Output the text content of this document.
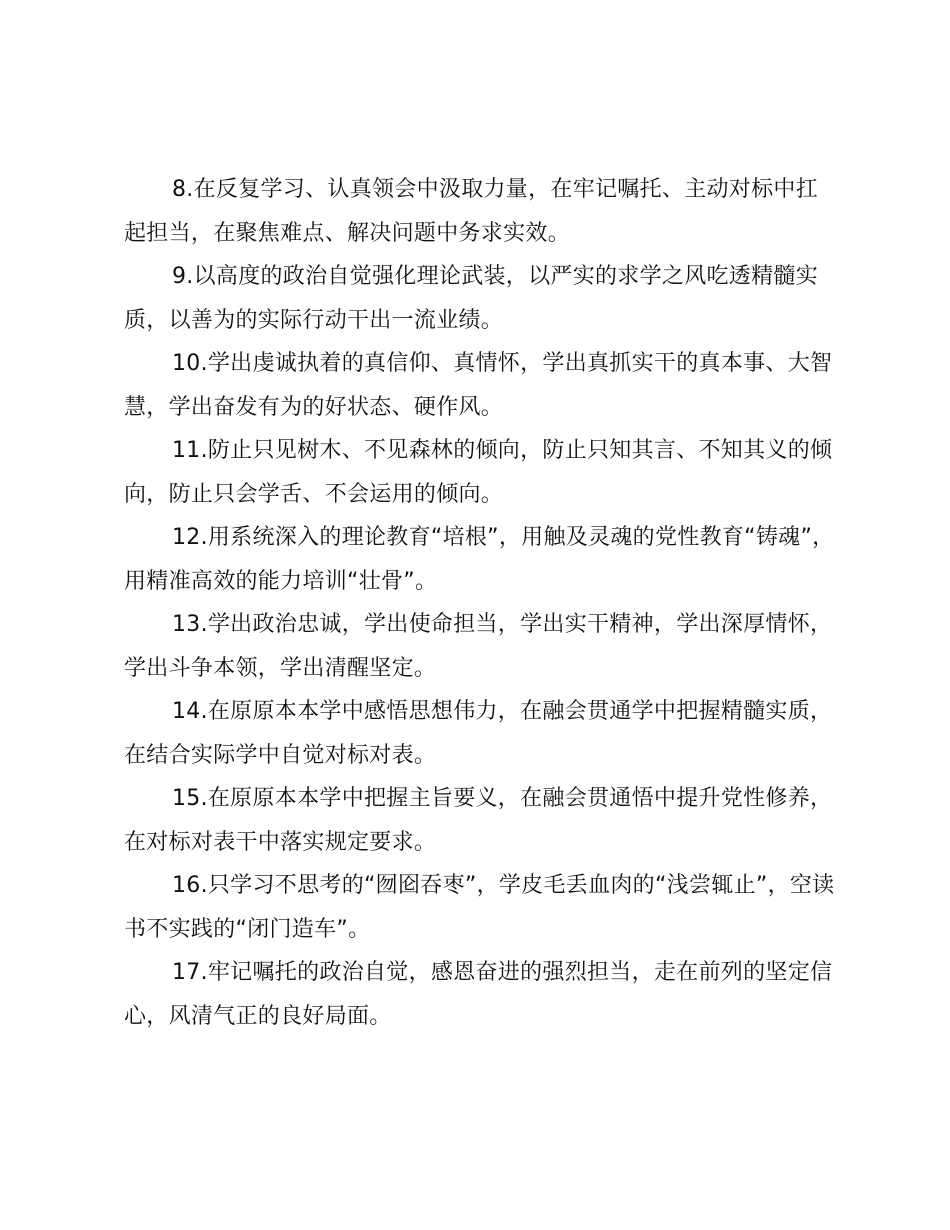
8.在反复学习、认真领会中汲取力量，在牢记嘱托、主动对标中扛起担当，在聚焦难点、解决问题中务求实效。

9.以高度的政治自觉强化理论武装，以严实的求学之风吃透精髓实质，以善为的实际行动干出一流业绩。

10.学出虔诚执着的真信仰、真情怀，学出真抓实干的真本事、大智慧，学出奋发有为的好状态、硬作风。

11.防止只见树木、不见森林的倾向，防止只知其言、不知其义的倾向，防止只会学舌、不会运用的倾向。

12.用系统深入的理论教育“培根”，用触及灵魂的党性教育“铸魂”，用精准高效的能力培训“壮骨”。

13.学出政治忠诚，学出使命担当，学出实干精神，学出深厚情怀，学出斗争本领，学出清醒坚定。

14.在原原本本学中感悟思想伟力，在融会贯通学中把握精髓实质，在结合实际学中自觉对标对表。

15.在原原本本学中把握主旨要义，在融会贯通悟中提升党性修养，在对标对表干中落实规定要求。

16.只学习不思考的“囫囵吞枣”，学皮毛丢血肉的“浅尝辄止”，空读书不实践的“闭门造车”。

17.牢记嘱托的政治自觉，感恩奋进的强烈担当，走在前列的坚定信心，风清气正的良好局面。
